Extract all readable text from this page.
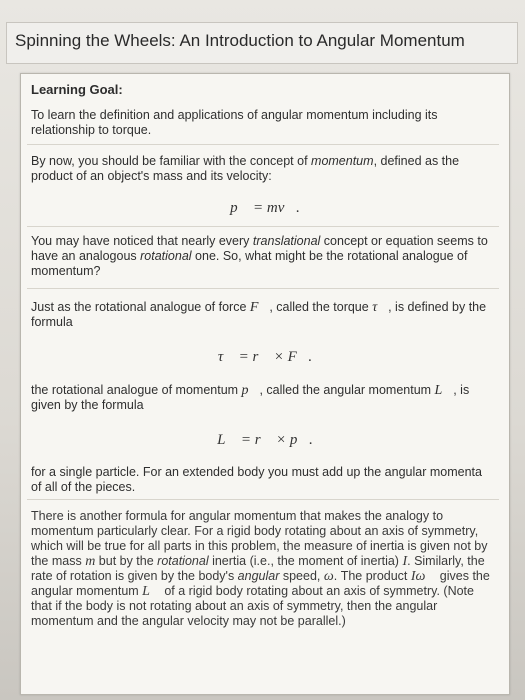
Spinning the Wheels: An Introduction to Angular Momentum
Learning Goal:
To learn the definition and applications of angular momentum including its relationship to torque.
By now, you should be familiar with the concept of momentum, defined as the product of an object's mass and its velocity:
p⃗ = mv⃗.
You may have noticed that nearly every translational concept or equation seems to have an analogous rotational one. So, what might be the rotational analogue of momentum?
Just as the rotational analogue of force F⃗, called the torque τ⃗, is defined by the formula
τ⃗ = r⃗ × F⃗.
the rotational analogue of momentum p⃗, called the angular momentum L⃗, is given by the formula
L⃗ = r⃗ × p⃗.
for a single particle. For an extended body you must add up the angular momenta of all of the pieces.
There is another formula for angular momentum that makes the analogy to momentum particularly clear. For a rigid body rotating about an axis of symmetry, which will be true for all parts in this problem, the measure of inertia is given not by the mass m but by the rotational inertia (i.e., the moment of inertia) I. Similarly, the rate of rotation is given by the body's angular speed, ω. The product Iω⃗ gives the angular momentum L⃗ of a rigid body rotating about an axis of symmetry. (Note that if the body is not rotating about an axis of symmetry, then the angular momentum and the angular velocity may not be parallel.)
